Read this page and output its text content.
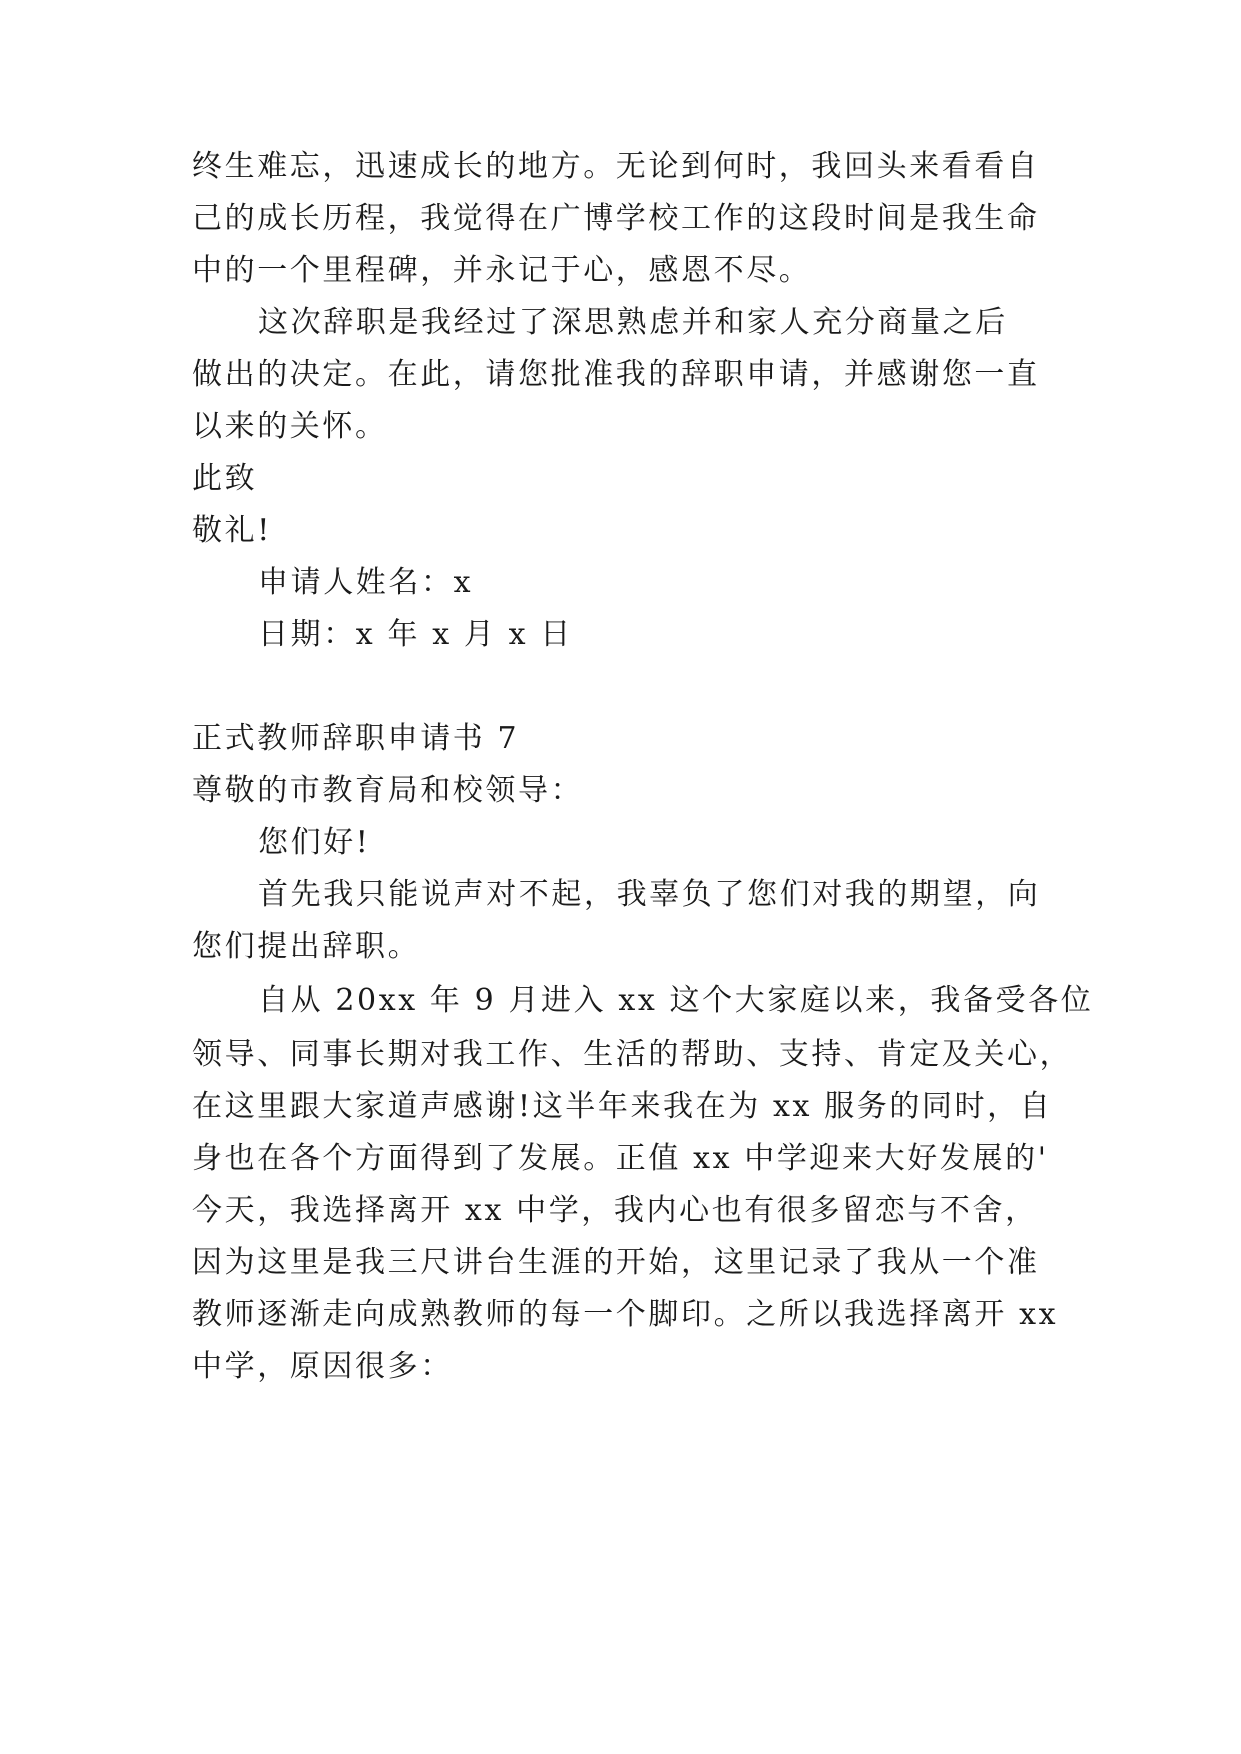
终生难忘，迅速成长的地方。无论到何时，我回头来看看自
己的成长历程，我觉得在广博学校工作的这段时间是我生命
中的一个里程碑，并永记于心，感恩不尽。
这次辞职是我经过了深思熟虑并和家人充分商量之后
做出的决定。在此，请您批准我的辞职申请，并感谢您一直
以来的关怀。
此致
敬礼!
申请人姓名：x
日期：x 年 x 月 x 日
正式教师辞职申请书 7
尊敬的市教育局和校领导：
您们好!
首先我只能说声对不起，我辜负了您们对我的期望，向
您们提出辞职。
自从 20xx 年 9 月进入 xx 这个大家庭以来，我备受各位
领导、同事长期对我工作、生活的帮助、支持、肯定及关心，
在这里跟大家道声感谢!这半年来我在为 xx 服务的同时，自
身也在各个方面得到了发展。正值 xx 中学迎来大好发展的'
今天，我选择离开 xx 中学，我内心也有很多留恋与不舍，
因为这里是我三尺讲台生涯的开始，这里记录了我从一个准
教师逐渐走向成熟教师的每一个脚印。之所以我选择离开 xx
中学，原因很多：
